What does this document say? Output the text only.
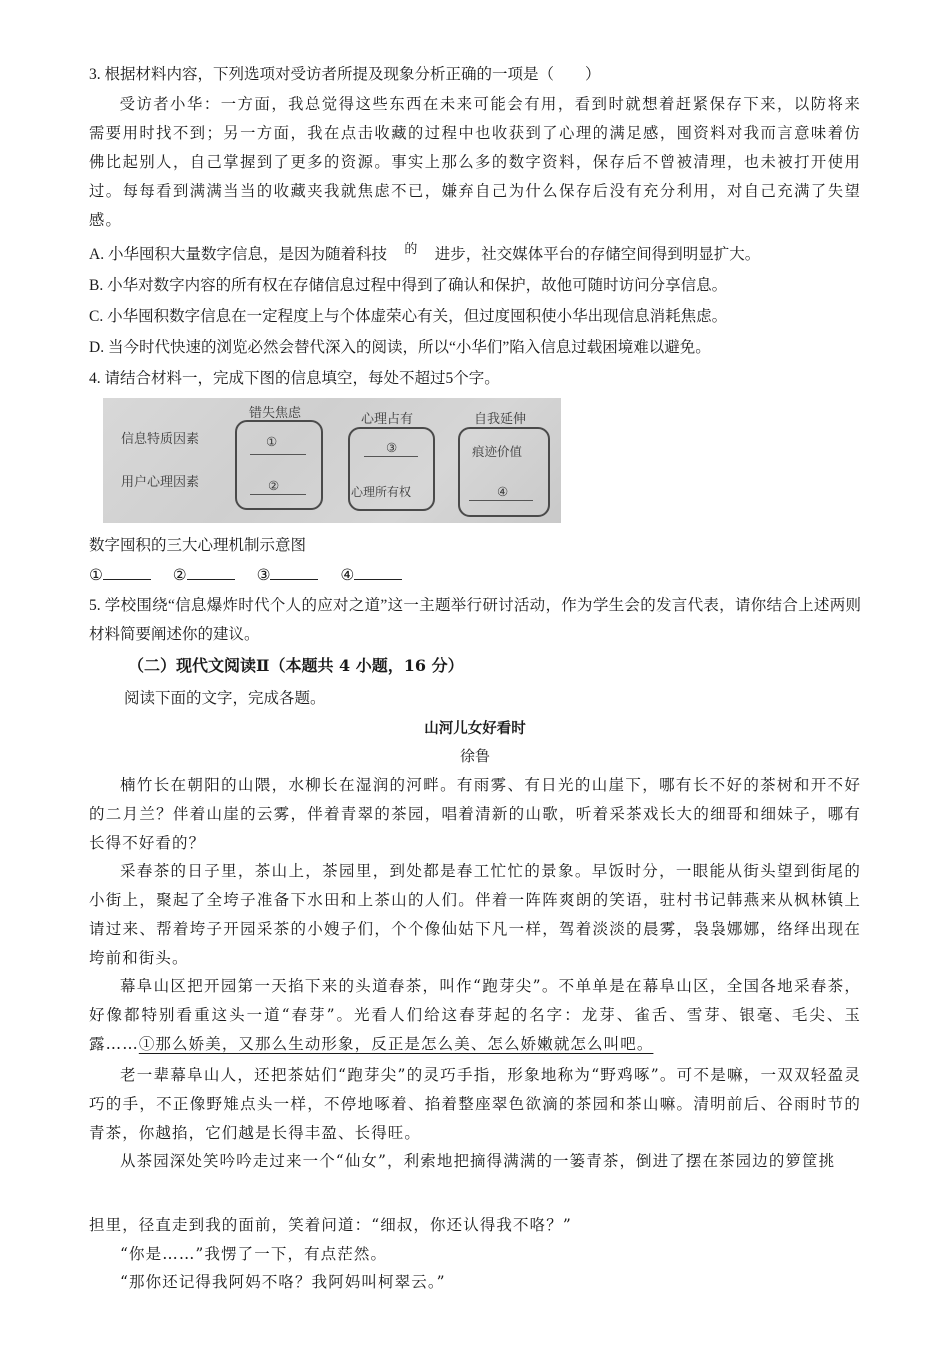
3. 根据材料内容，下列选项对受访者所提及现象分析正确的一项是（　　）
受访者小华：一方面，我总觉得这些东西在未来可能会有用，看到时就想着赶紧保存下来，以防将来需要用时找不到；另一方面，我在点击收藏的过程中也收获到了心理的满足感，囤资料对我而言意味着仿佛比起别人，自己掌握到了更多的资源。事实上那么多的数字资料，保存后不曾被清理，也未被打开使用过。每每看到满满当当的收藏夹我就焦虑不已，嫌弃自己为什么保存后没有充分利用，对自己充满了失望感。
A. 小华囤积大量数字信息，是因为随着科技 的 进步，社交媒体平台的存储空间得到明显扩大。
B. 小华对数字内容的所有权在存储信息过程中得到了确认和保护，故他可随时访问分享信息。
C. 小华囤积数字信息在一定程度上与个体虚荣心有关，但过度囤积使小华出现信息消耗焦虑。
D. 当今时代快速的浏览必然会替代深入的阅读，所以“小华们”陷入信息过载困境难以避免。
4. 请结合材料一，完成下图的信息填空，每处不超过5个字。
信息特质因素
用户心理因素
错失焦虑	心理占有	自我延伸
①
②
③
心理所有权
痕迹价值
④
数字囤积的三大心理机制示意图
①	②	③	④
5. 学校围绕“信息爆炸时代个人的应对之道”这一主题举行研讨活动，作为学生会的发言代表，请你结合上述两则材料简要阐述你的建议。
（二）现代文阅读Ⅱ（本题共 4 小题，16 分）
阅读下面的文字，完成各题。
山河儿女好看时
徐鲁
楠竹长在朝阳的山隈，水柳长在湿润的河畔。有雨雾、有日光的山崖下，哪有长不好的茶树和开不好的二月兰？伴着山崖的云雾，伴着青翠的茶园，唱着清新的山歌，听着采茶戏长大的细哥和细妹子，哪有长得不好看的？
采春茶的日子里，茶山上，茶园里，到处都是春工忙忙的景象。早饭时分，一眼能从街头望到街尾的小街上，聚起了全垮子准备下水田和上茶山的人们。伴着一阵阵爽朗的笑语，驻村书记韩燕来从枫林镇上请过来、帮着垮子开园采茶的小嫂子们，个个像仙姑下凡一样，驾着淡淡的晨雾，袅袅娜娜，络绎出现在垮前和街头。
幕阜山区把开园第一天掐下来的头道春茶，叫作“跑芽尖”。不单单是在幕阜山区，全国各地采春茶，好像都特别看重这头一道“春芽”。光看人们给这春芽起的名字：龙芽、雀舌、雪芽、银毫、毛尖、玉露……①那么娇美，又那么生动形象，反正是怎么美、怎么娇嫩就怎么叫吧。
老一辈幕阜山人，还把茶姑们“跑芽尖”的灵巧手指，形象地称为“野鸡啄”。可不是嘛，一双双轻盈灵巧的手，不正像野雉点头一样，不停地啄着、掐着整座翠色欲滴的茶园和茶山嘛。清明前后、谷雨时节的青茶，你越掐，它们越是长得丰盈、长得旺。
从茶园深处笑吟吟走过来一个“仙女”，利索地把摘得满满的一篓青茶，倒进了摆在茶园边的箩筐挑
担里，径直走到我的面前，笑着问道：“细叔，你还认得我不咯？”
“你是……”我愣了一下，有点茫然。
“那你还记得我阿妈不咯？我阿妈叫柯翠云。”
